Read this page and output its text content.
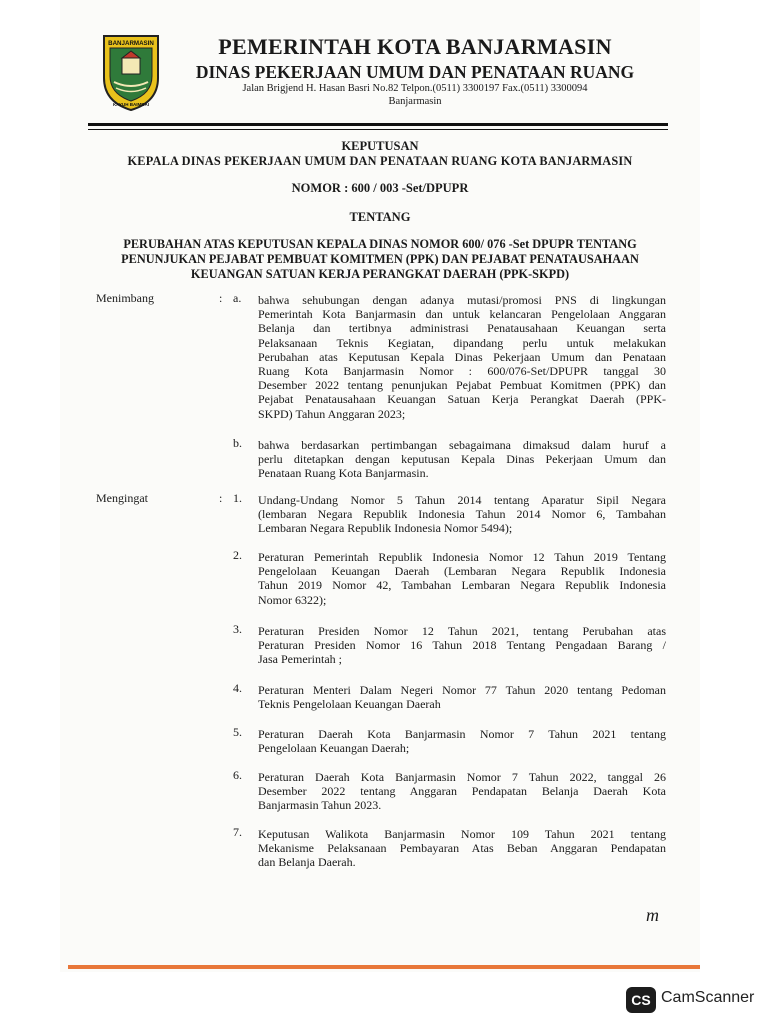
BANJARMASIN
KAYUH BAIMBAI
PEMERINTAH KOTA BANJARMASIN
DINAS PEKERJAAN UMUM DAN PENATAAN RUANG
Jalan Brigjend H. Hasan Basri No.82 Telpon.(0511) 3300197 Fax.(0511) 3300094
Banjarmasin
KEPUTUSAN
KEPALA DINAS PEKERJAAN UMUM DAN PENATAAN RUANG KOTA BANJARMASIN
NOMOR : 600 / 003 -Set/DPUPR
TENTANG
PERUBAHAN ATAS KEPUTUSAN KEPALA DINAS NOMOR 600/ 076 -Set DPUPR TENTANG
PENUNJUKAN PEJABAT PEMBUAT KOMITMEN (PPK) DAN PEJABAT PENATAUSAHAAN
KEUANGAN SATUAN KERJA PERANGKAT DAERAH (PPK-SKPD)
Menimbang	: a. bahwa sehubungan dengan adanya mutasi/promosi PNS di lingkungan
Pemerintah Kota Banjarmasin dan untuk kelancaran Pengelolaan Anggaran
Belanja dan tertibnya administrasi Penatausahaan Keuangan serta
Pelaksanaan Teknis Kegiatan, dipandang perlu untuk melakukan
Perubahan atas Keputusan Kepala Dinas Pekerjaan Umum dan Penataan
Ruang Kota Banjarmasin Nomor : 600/076-Set/DPUPR tanggal 30
Desember 2022 tentang penunjukan Pejabat Pembuat Komitmen (PPK) dan
Pejabat Penatausahaan Keuangan Satuan Kerja Perangkat Daerah (PPK-
SKPD) Tahun Anggaran 2023;
b. bahwa berdasarkan pertimbangan sebagaimana dimaksud dalam huruf a
perlu ditetapkan dengan keputusan Kepala Dinas Pekerjaan Umum dan
Penataan Ruang Kota Banjarmasin.
Mengingat	: 1. Undang-Undang Nomor 5 Tahun 2014 tentang Aparatur Sipil Negara
(lembaran Negara Republik Indonesia Tahun 2014 Nomor 6, Tambahan
Lembaran Negara Republik Indonesia Nomor 5494);
2. Peraturan Pemerintah Republik Indonesia Nomor 12 Tahun 2019 Tentang
Pengelolaan Keuangan Daerah (Lembaran Negara Republik Indonesia
Tahun 2019 Nomor 42, Tambahan Lembaran Negara Republik Indonesia
Nomor 6322);
3. Peraturan Presiden Nomor 12 Tahun 2021, tentang Perubahan atas
Peraturan Presiden Nomor 16 Tahun 2018 Tentang Pengadaan Barang /
Jasa Pemerintah ;
4. Peraturan Menteri Dalam Negeri Nomor 77 Tahun 2020 tentang Pedoman
Teknis Pengelolaan Keuangan Daerah
5. Peraturan Daerah Kota Banjarmasin Nomor 7 Tahun 2021 tentang
Pengelolaan Keuangan Daerah;
6. Peraturan Daerah Kota Banjarmasin Nomor 7 Tahun 2022, tanggal 26
Desember 2022 tentang Anggaran Pendapatan Belanja Daerah Kota
Banjarmasin Tahun 2023.
7. Keputusan Walikota Banjarmasin Nomor 109 Tahun 2021 tentang
Mekanisme Pelaksanaan Pembayaran Atas Beban Anggaran Pendapatan
dan Belanja Daerah.
m
CS CamScanner
